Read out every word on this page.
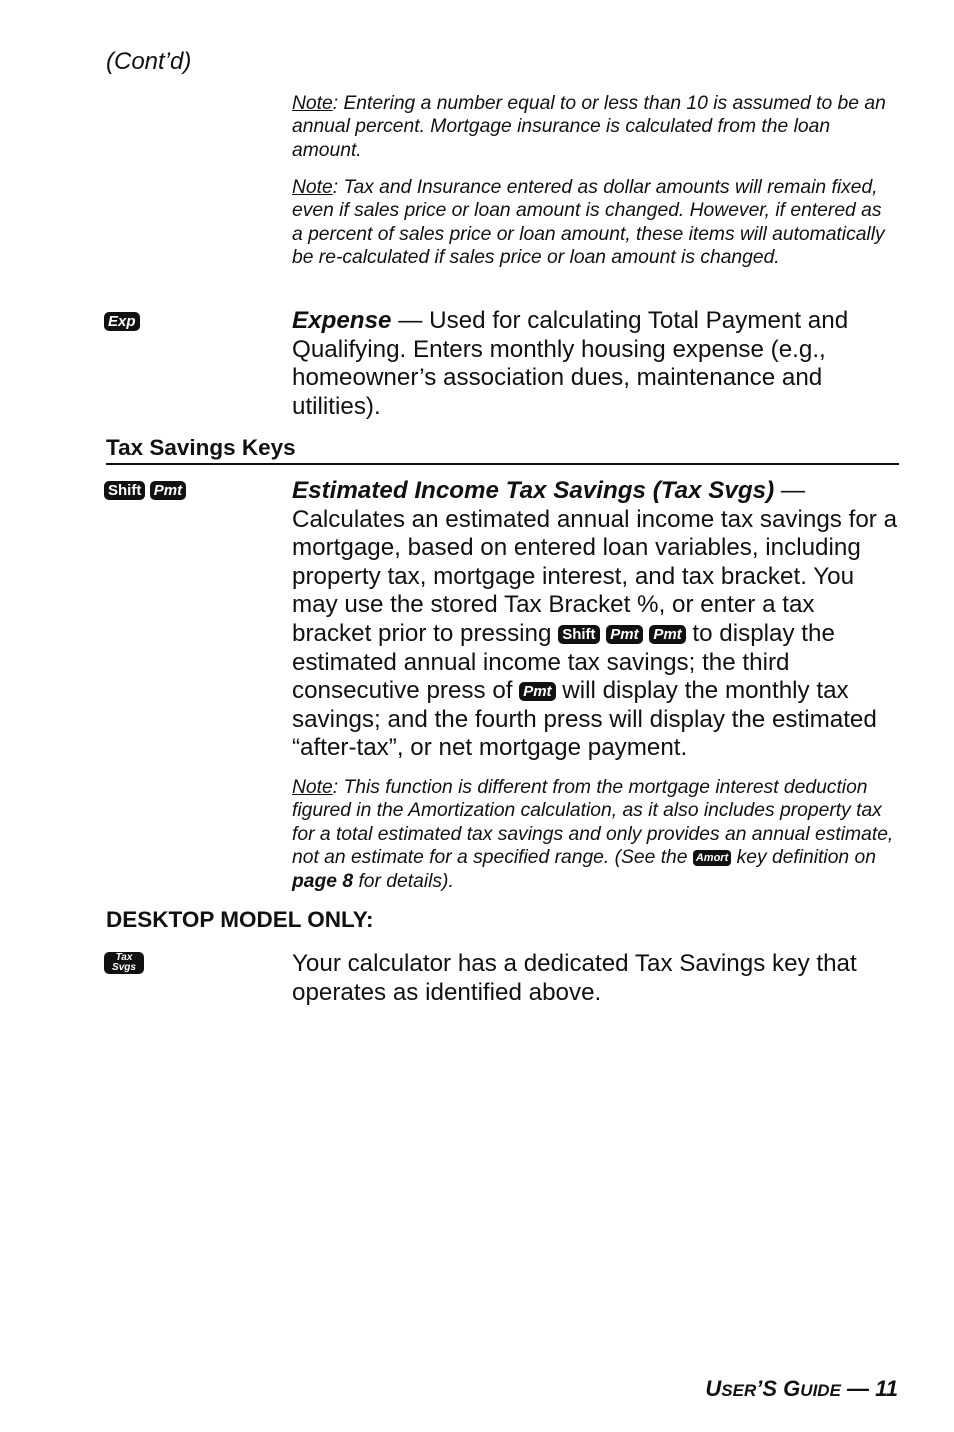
(Cont’d)
Note: Entering a number equal to or less than 10 is assumed to be an annual percent. Mortgage insurance is calculated from the loan amount.
Note: Tax and Insurance entered as dollar amounts will remain fixed, even if sales price or loan amount is changed. However, if entered as a percent of sales price or loan amount, these items will automatically be re-calculated if sales price or loan amount is changed.
Exp	Expense — Used for calculating Total Payment and Qualifying. Enters monthly housing expense (e.g., homeowner’s association dues, maintenance and utilities).
Tax Savings Keys
Shift Pmt	Estimated Income Tax Savings (Tax Svgs) —
Calculates an estimated annual income tax savings for a mortgage, based on entered loan variables, including property tax, mortgage interest, and tax bracket. You may use the stored Tax Bracket %, or enter a tax bracket prior to pressing Shift Pmt Pmt to display the estimated annual income tax savings; the third consecutive press of Pmt will display the monthly tax savings; and the fourth press will display the estimated “after-tax”, or net mortgage payment.
Note: This function is different from the mortgage interest deduction figured in the Amortization calculation, as it also includes property tax for a total estimated tax savings and only provides an annual estimate, not an estimate for a specified range. (See the Amort key definition on page 8 for details).
DESKTOP MODEL ONLY:
Tax
Svgs	Your calculator has a dedicated Tax Savings key that operates as identified above.
USER’S GUIDE — 11
